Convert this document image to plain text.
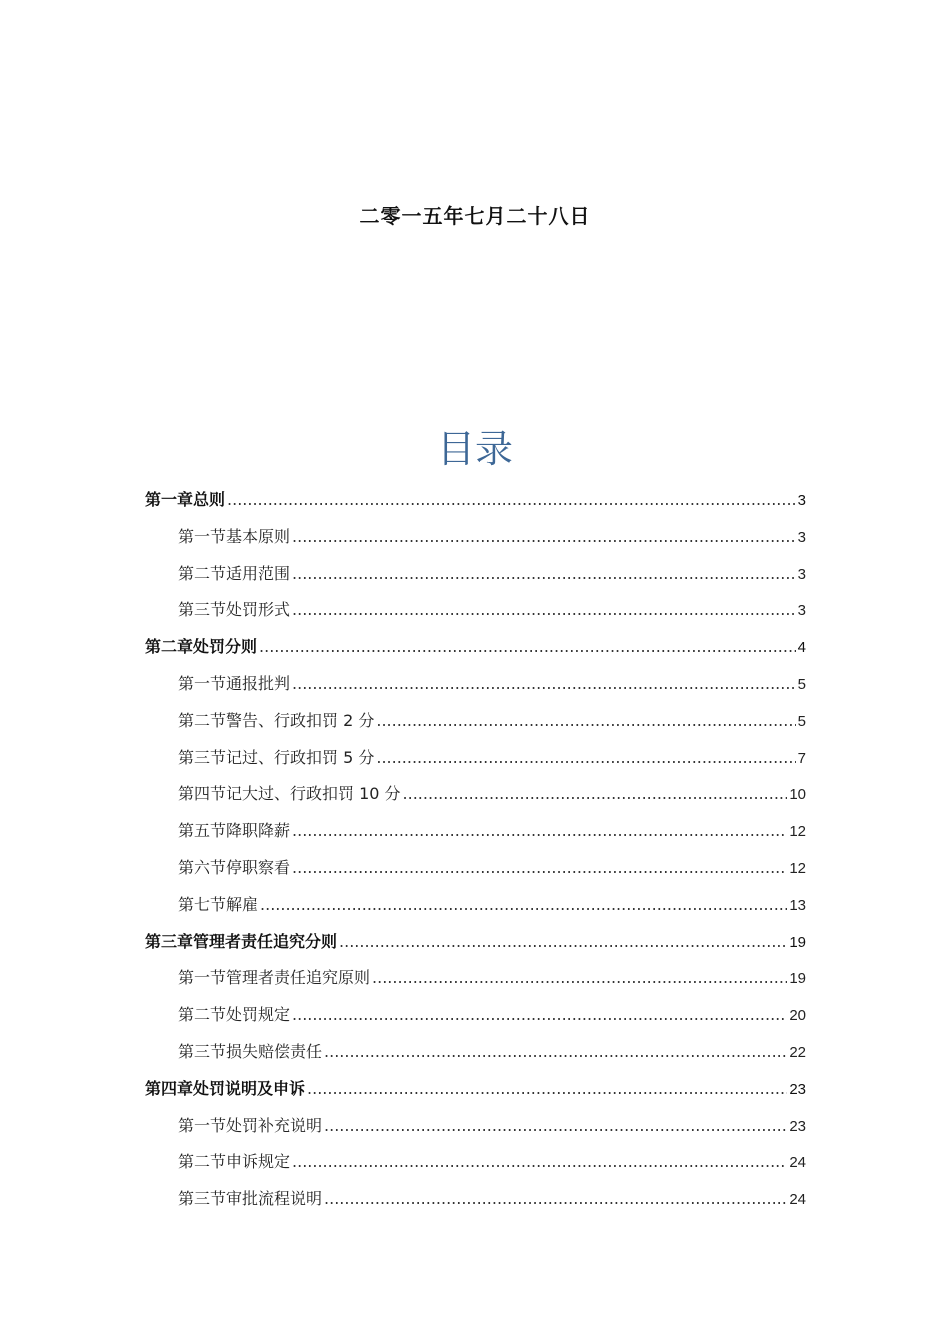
二零一五年七月二十八日
目录
第一章总则 .....	3
第一节基本原则 .....	3
第二节适用范围 .....	3
第三节处罚形式 .....	3
第二章处罚分则 .....	4
第一节通报批判 .....	5
第二节警告、行政扣罚 2 分 .....	5
第三节记过、行政扣罚 5 分 .....	7
第四节记大过、行政扣罚 10 分 .....	10
第五节降职降薪 .....	12
第六节停职察看 .....	12
第七节解雇 .....	13
第三章管理者责任追究分则 .....	19
第一节管理者责任追究原则 .....	19
第二节处罚规定 .....	20
第三节损失赔偿责任 .....	22
第四章处罚说明及申诉 .....	23
第一节处罚补充说明 .....	23
第二节申诉规定 .....	24
第三节审批流程说明 .....	24
